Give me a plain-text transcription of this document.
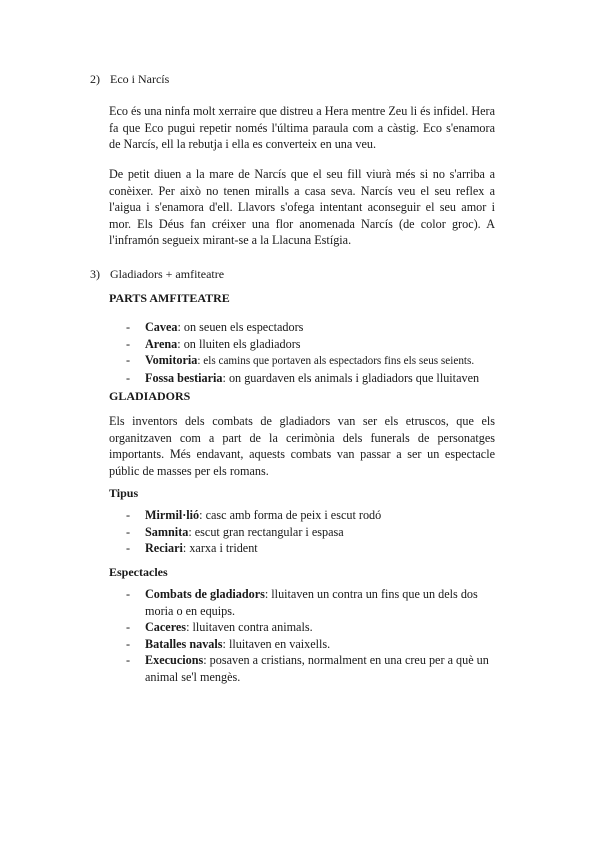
2) Eco i Narcís

Eco és una ninfa molt xerraire que distreu a Hera mentre Zeu li és infidel. Hera fa que Eco pugui repetir només l'última paraula com a càstig. Eco s'enamora de Narcís, ell la rebutja i ella es converteix en una veu.

De petit diuen a la mare de Narcís que el seu fill viurà més si no s'arriba a conèixer. Per això no tenen miralls a casa seva. Narcís veu el seu reflex a l'aigua i s'enamora d'ell. Llavors s'ofega intentant aconseguir el seu amor i mor. Els Déus fan créixer una flor anomenada Narcís (de color groc). A l'inframón segueix mirant-se a la Llacuna Estígia.

3) Gladiadors + amfiteatre
PARTS AMFITEATRE
- Cavea: on seuen els espectadors
- Arena: on lluiten els gladiadors
- Vomitoria: els camins que portaven als espectadors fins els seus seients.
- Fossa bestiaria: on guardaven els animals i gladiadors que lluitaven
GLADIADORS

Els inventors dels combats de gladiadors van ser els etruscos, que els organitzaven com a part de la cerimònia dels funerals de personatges importants. Més endavant, aquests combats van passar a ser un espectacle públic de masses per els romans.

Tipus
- Mirmil·lió: casc amb forma de peix i escut rodó
- Samnita: escut gran rectangular i espasa
- Reciari: xarxa i trident
Espectacles
- Combats de gladiadors: lluitaven un contra un fins que un dels dos moria o en equips.
- Caceres: lluitaven contra animals.
- Batalles navals: lluitaven en vaixells.
- Execucions: posaven a cristians, normalment en una creu per a què un animal se'l mengès.
